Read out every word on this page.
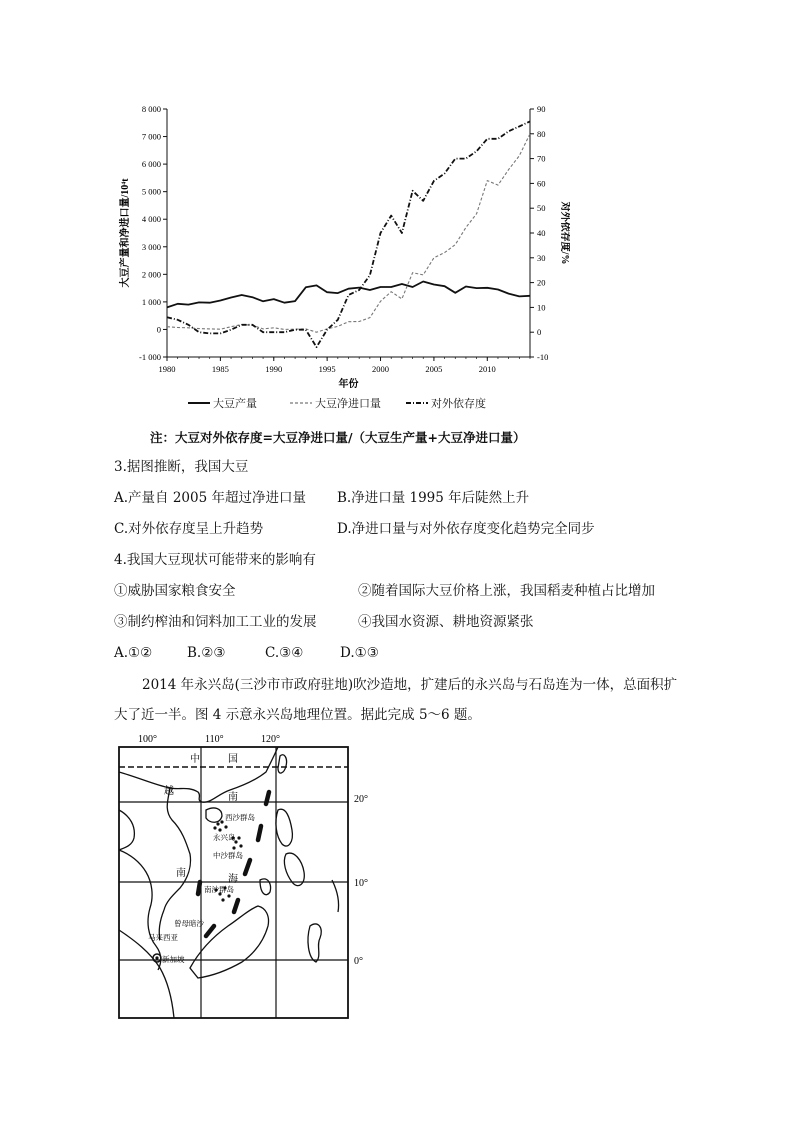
8 000
7 000
6 000
5 000
4 000
3 000
2 000
1 000
0
-1 000
90
80
70
60
50
40
30
20
10
0
-10
1980	1985	1990	1995	2000	2005	2010
年份
大豆产量和净进口量/10⁴t	对外依存度/%
大豆产量	大豆净进口量	对外依存度
注：大豆对外依存度=大豆净进口量/（大豆生产量+大豆净进口量）
3.据图推断，我国大豆
A.产量自 2005 年超过净进口量 B.净进口量 1995 年后陡然上升
C.对外依存度呈上升趋势	D.净进口量与对外依存度变化趋势完全同步
4.我国大豆现状可能带来的影响有
①威胁国家粮食安全	②随着国际大豆价格上涨，我国稻麦种植占比增加
③制约榨油和饲料加工工业的发展	④我国水资源、耕地资源紧张
A.①②	B.②③	C.③④	D.①③
2014 年永兴岛(三沙市市政府驻地)吹沙造地，扩建后的永兴岛与石岛连为一体，总面积扩
大了近一半。图 4 示意永兴岛地理位置。据此完成 5～6 题。
100°	110°	120°
20°
10°
0°
中	国
越
南
南
海
西沙群岛
永兴岛
中沙群岛
南沙群岛
曾母暗沙
马来西亚
新加坡
